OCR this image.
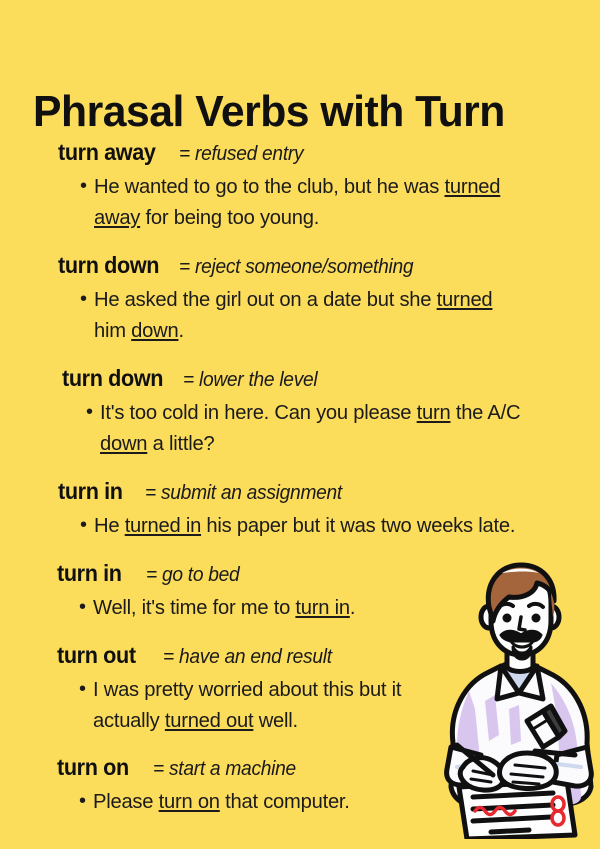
Phrasal Verbs with Turn
turn away = refused entry
• He wanted to go to the club, but he was turned away for being too young.
turn down = reject someone/something
• He asked the girl out on a date but she turned him down.
turn down = lower the level
• It's too cold in here. Can you please turn the A/C down a little?
turn in = submit an assignment
• He turned in his paper but it was two weeks late.
turn in = go to bed
• Well, it's time for me to turn in.
turn out = have an end result
• I was pretty worried about this but it actually turned out well.
turn on = start a machine
• Please turn on that computer.
